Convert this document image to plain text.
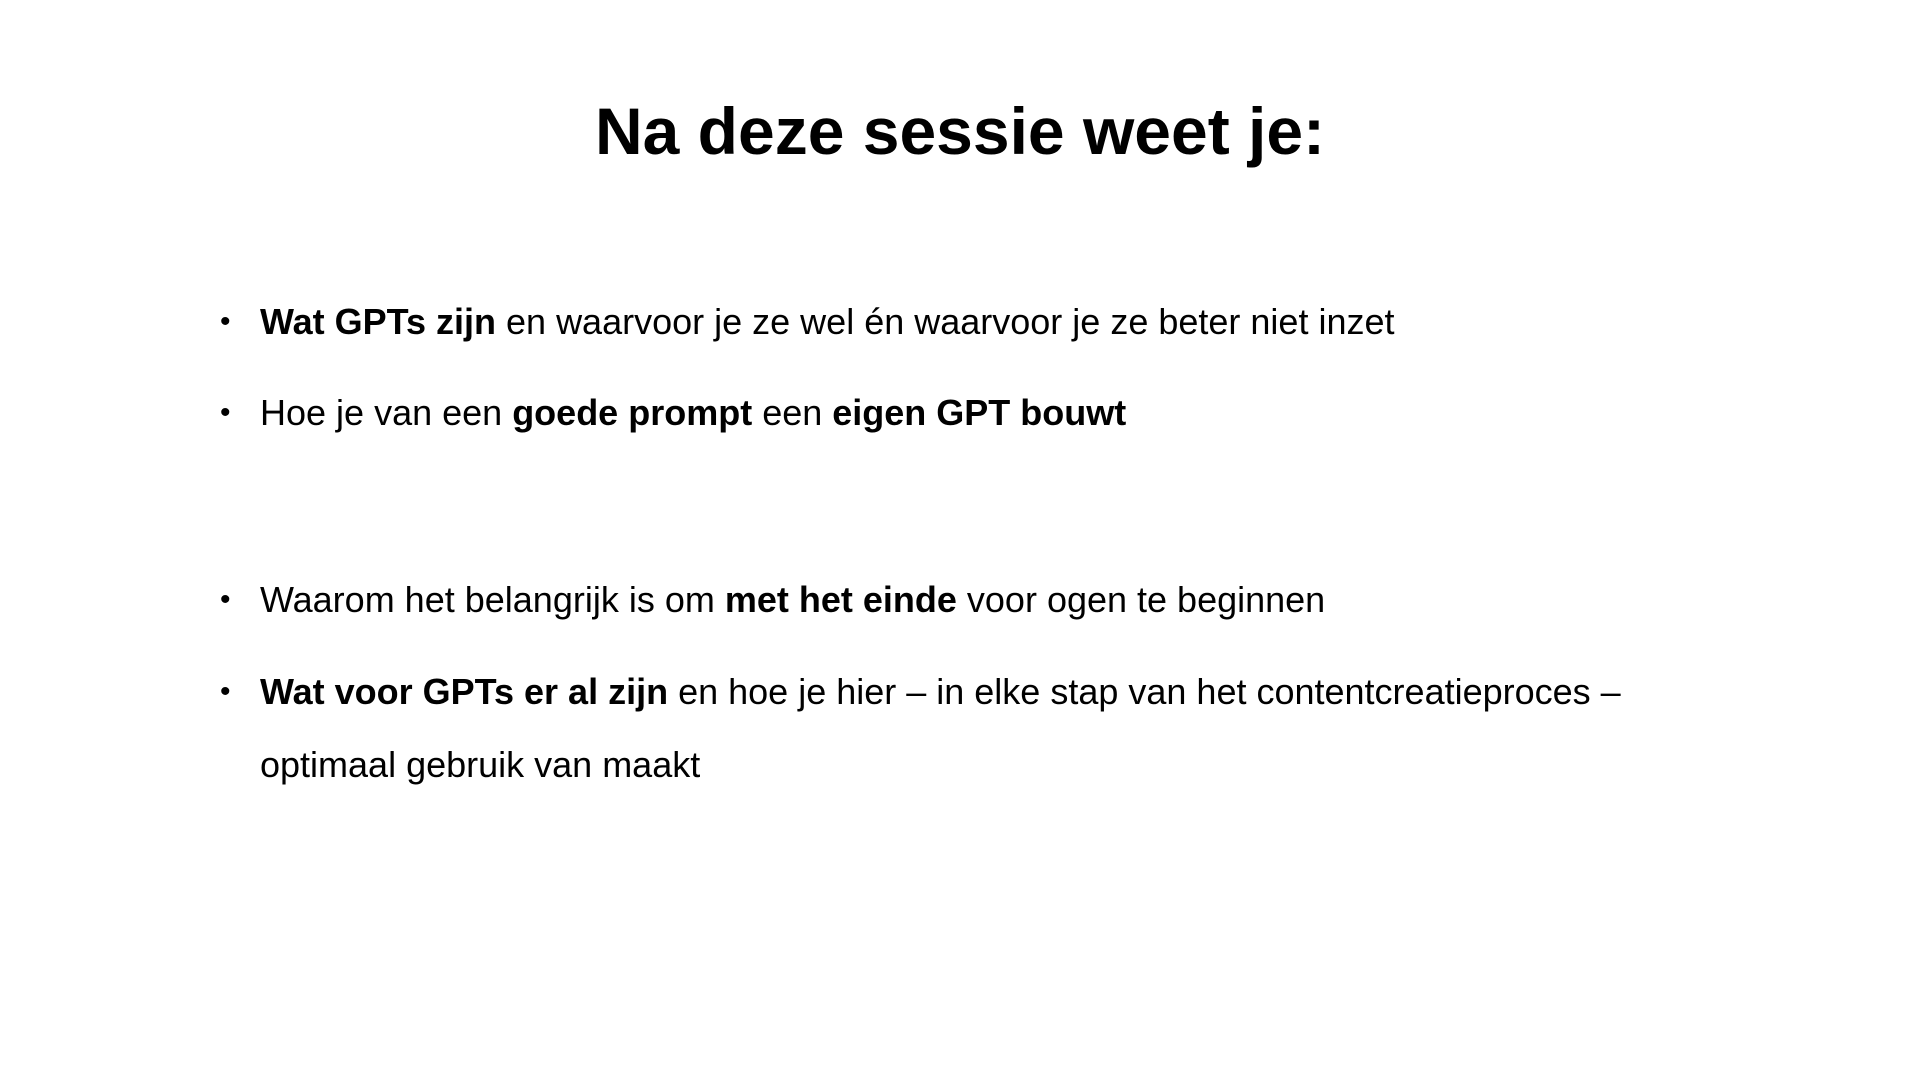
Na deze sessie weet je:
• Wat GPTs zijn en waarvoor je ze wel én waarvoor je ze beter niet inzet
• Hoe je van een goede prompt een eigen GPT bouwt
• Waarom het belangrijk is om met het einde voor ogen te beginnen
• Wat voor GPTs er al zijn en hoe je hier – in elke stap van het contentcreatieproces – optimaal gebruik van maakt
